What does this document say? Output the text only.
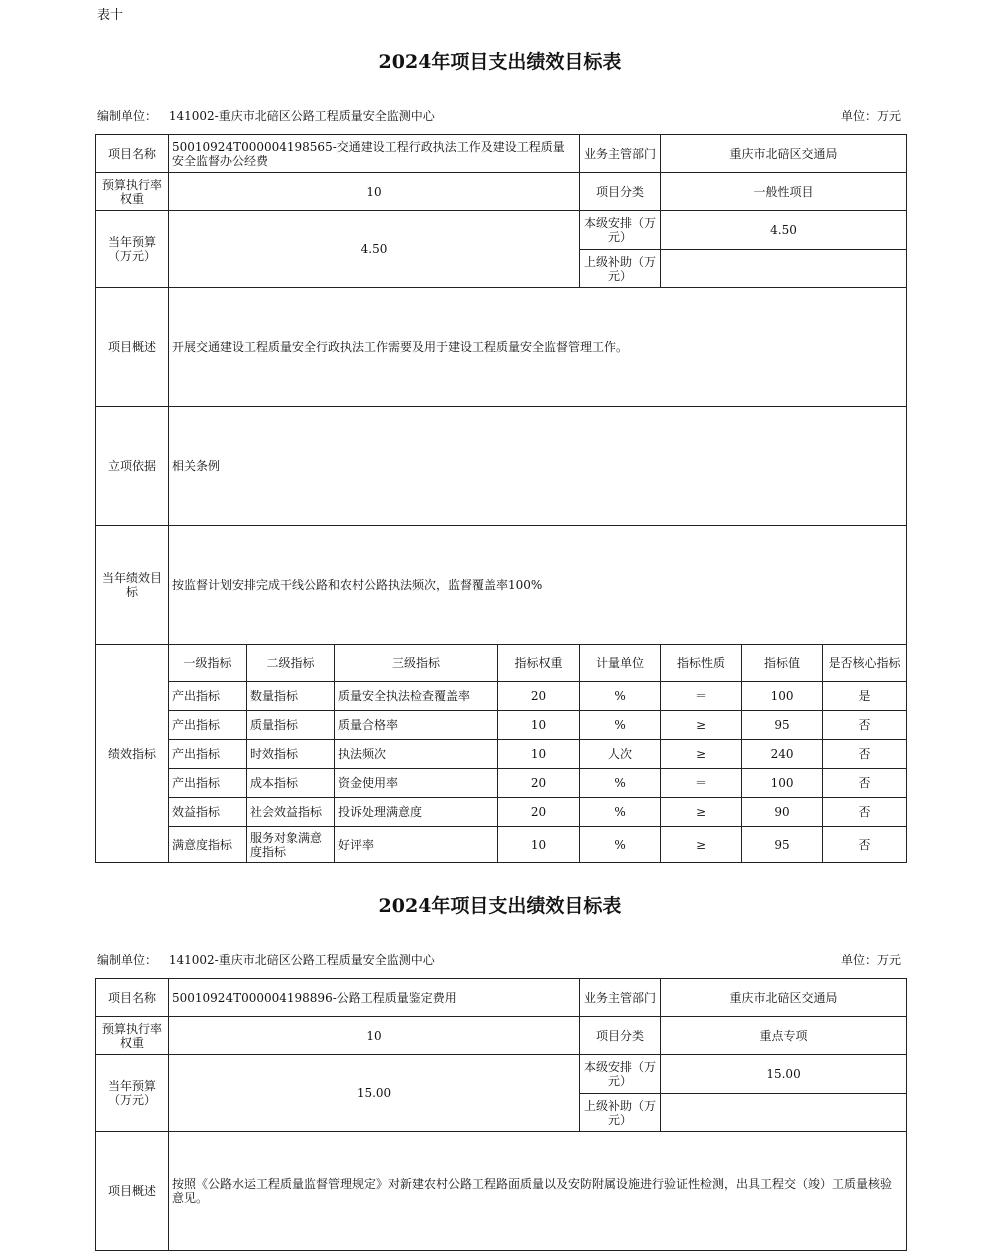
表十
2024年项目支出绩效目标表
编制单位： 141002-重庆市北碚区公路工程质量安全监测中心	单位：万元
项目名称	50010924T000004198565-交通建设工程行政执法工作及建设工程质量安全监督办公经费				业务主管部门	重庆市北碚区交通局		
预算执行率权重	10				项目分类	一般性项目		
当年预算（万元）	4.50				本级安排（万元）	4.50		
					上级补助（万元）			
项目概述	开展交通建设工程质量安全行政执法工作需要及用于建设工程质量安全监督管理工作。							
立项依据	相关条例							
当年绩效目标	按监督计划安排完成干线公路和农村公路执法频次，监督覆盖率100%							
绩效指标	一级指标	二级指标	三级指标	指标权重	计量单位	指标性质	指标值	是否核心指标
	产出指标	数量指标	质量安全执法检查覆盖率	20	%	＝	100	是
	产出指标	质量指标	质量合格率	10	%	≥	95	否
	产出指标	时效指标	执法频次	10	人次	≥	240	否
	产出指标	成本指标	资金使用率	20	%	＝	100	否
	效益指标	社会效益指标	投诉处理满意度	20	%	≥	90	否
	满意度指标	服务对象满意度指标	好评率	10	%	≥	95	否
2024年项目支出绩效目标表
编制单位： 141002-重庆市北碚区公路工程质量安全监测中心	单位：万元
项目名称	50010924T000004198896-公路工程质量鉴定费用	业务主管部门	重庆市北碚区交通局
预算执行率权重	10	项目分类	重点专项
当年预算（万元）	15.00	本级安排（万元）	15.00
		上级补助（万元）	
项目概述	按照《公路水运工程质量监督管理规定》对新建农村公路工程路面质量以及安防附属设施进行验证性检测，出具工程交（竣）工质量核验意见。		
